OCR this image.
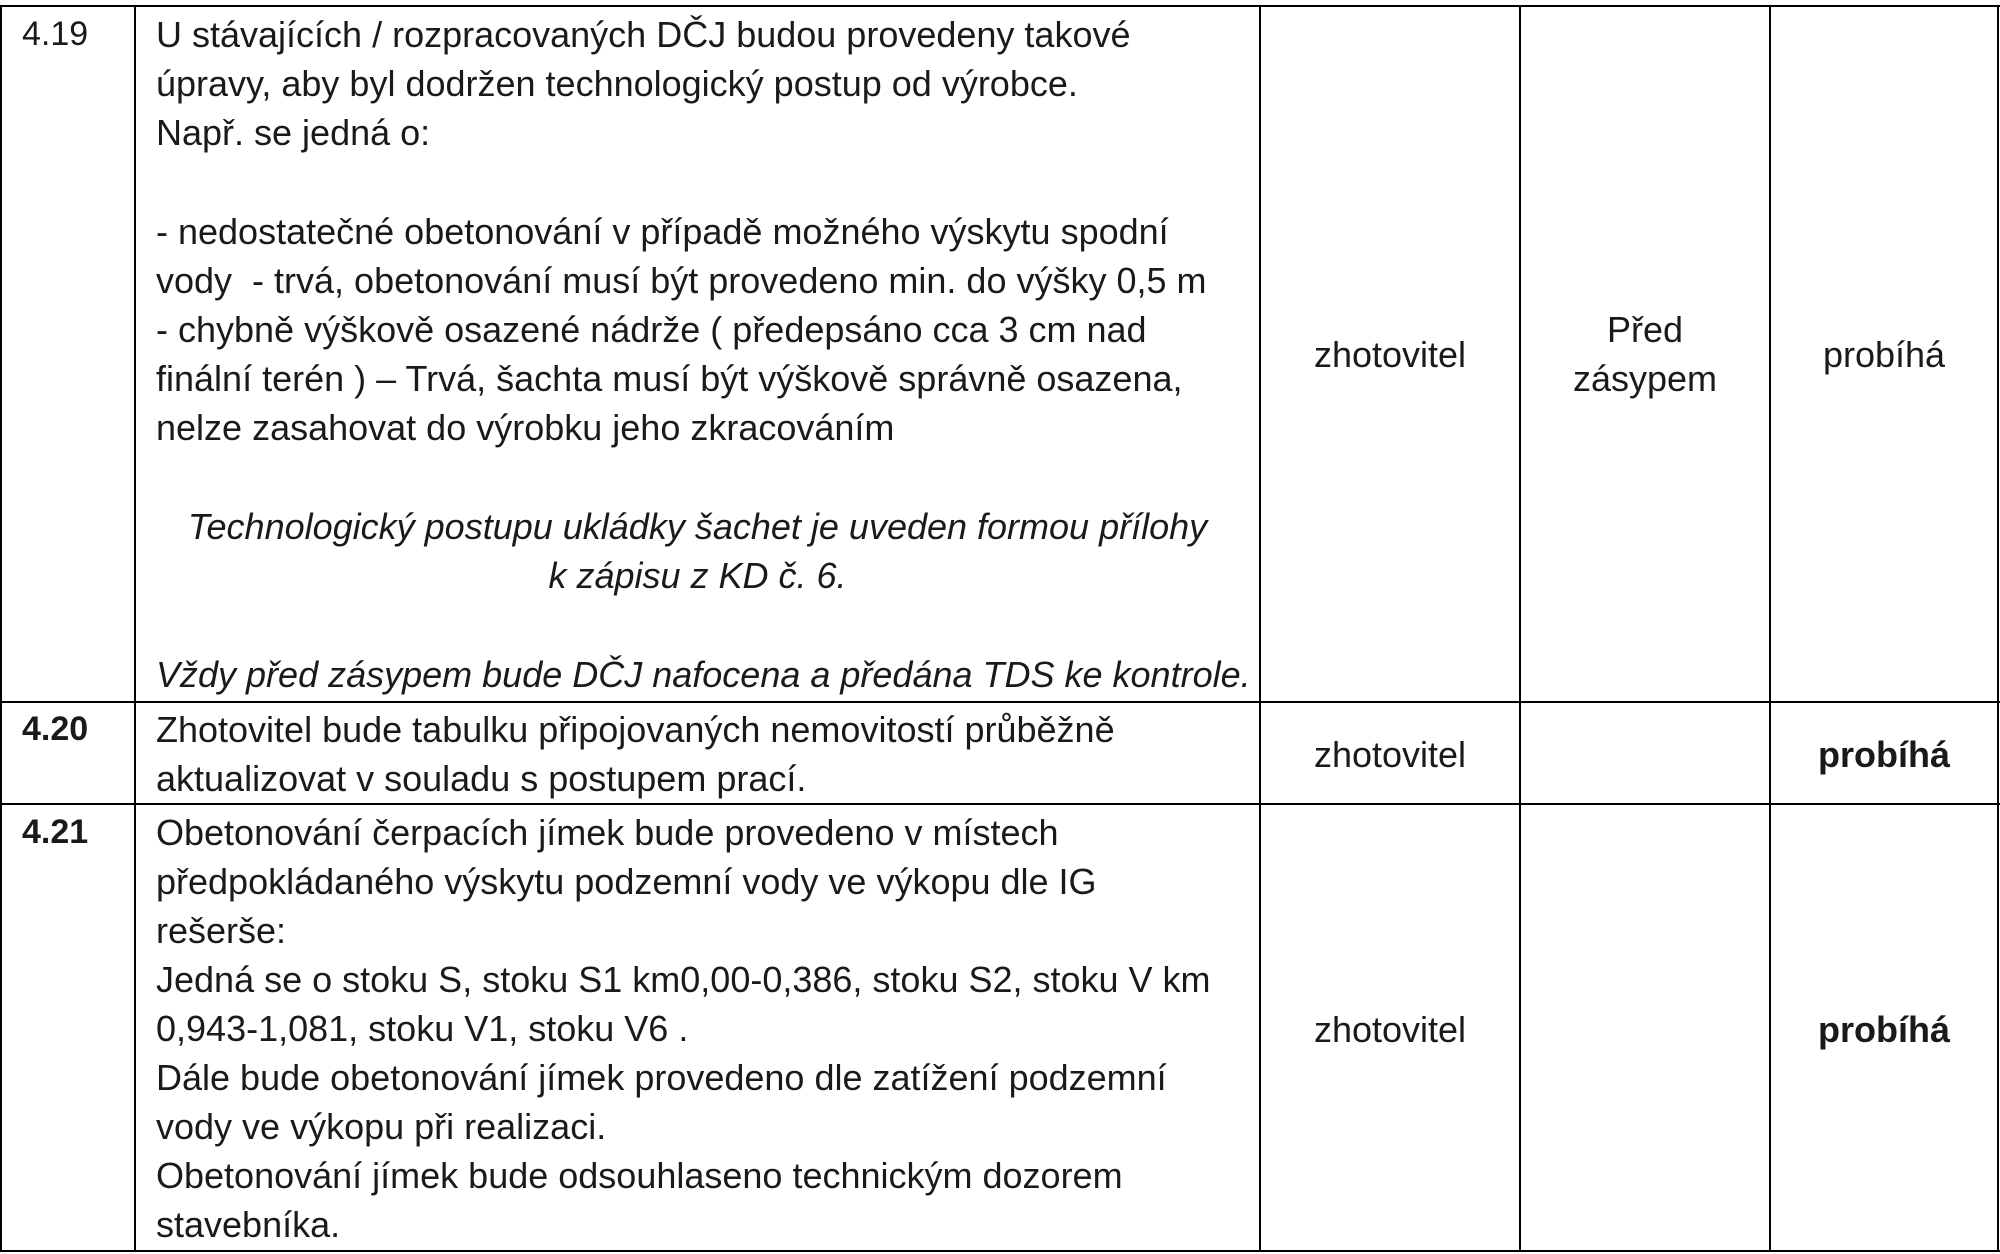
4.19 U stávajících / rozpracovaných DČJ budou provedeny takové
úpravy, aby byl dodržen technologický postup od výrobce.
Např. se jedná o:
- nedostatečné obetonování v případě možného výskytu spodní
vody  - trvá, obetonování musí být provedeno min. do výšky 0,5 m
- chybně výškově osazené nádrže ( předepsáno cca 3 cm nad
finální terén ) – Trvá, šachta musí být výškově správně osazena,
nelze zasahovat do výrobku jeho zkracováním
Technologický postupu ukládky šachet je uveden formou přílohy
k zápisu z KD č. 6.
Vždy před zásypem bude DČJ nafocena a předána TDS ke kontrole.
zhotovitel
Před
zásypem
probíhá
4.20 Zhotovitel bude tabulku připojovaných nemovitostí průběžně
aktualizovat v souladu s postupem prací.
zhotovitel	probíhá
4.21 Obetonování čerpacích jímek bude provedeno v místech
předpokládaného výskytu podzemní vody ve výkopu dle IG
rešerše:
Jedná se o stoku S, stoku S1 km0,00-0,386, stoku S2, stoku V km
0,943-1,081, stoku V1, stoku V6 .
Dále bude obetonování jímek provedeno dle zatížení podzemní
vody ve výkopu při realizaci.
Obetonování jímek bude odsouhlaseno technickým dozorem
stavebníka.
zhotovitel	probíhá
